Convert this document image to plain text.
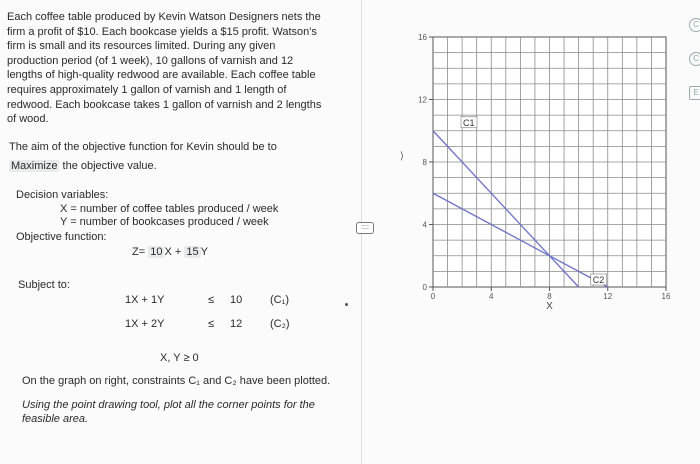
Each coffee table produced by Kevin Watson Designers nets the

firm a profit of $10. Each bookcase yields a $15 profit. Watson's

firm is small and its resources limited. During any given

production period (of 1 week), 10 gallons of varnish and 12

lengths of high-quality redwood are available. Each coffee table

requires approximately 1 gallon of varnish and 1 length of

redwood. Each bookcase takes 1 gallon of varnish and 2 lengths

of wood.

The aim of the objective function for Kevin should be to
Maximize the objective value.
Decision variables:
X = number of coffee tables produced / week
Y = number of bookcases produced / week
Objective function:
Z= 10 X + 15 Y
Subject to:
1X + 1Y	≤ 10	(C₁)
1X + 2Y	≤ 12	(C₂)
X, Y ≥ 0
On the graph on right, constraints C₁ and C₂ have been plotted.
Using the point drawing tool, plot all the corner points for the
feasible area.
::::
⟩
0	4	8	12	16
0
4
8
12
16
C1
C2
X
C
C
E
